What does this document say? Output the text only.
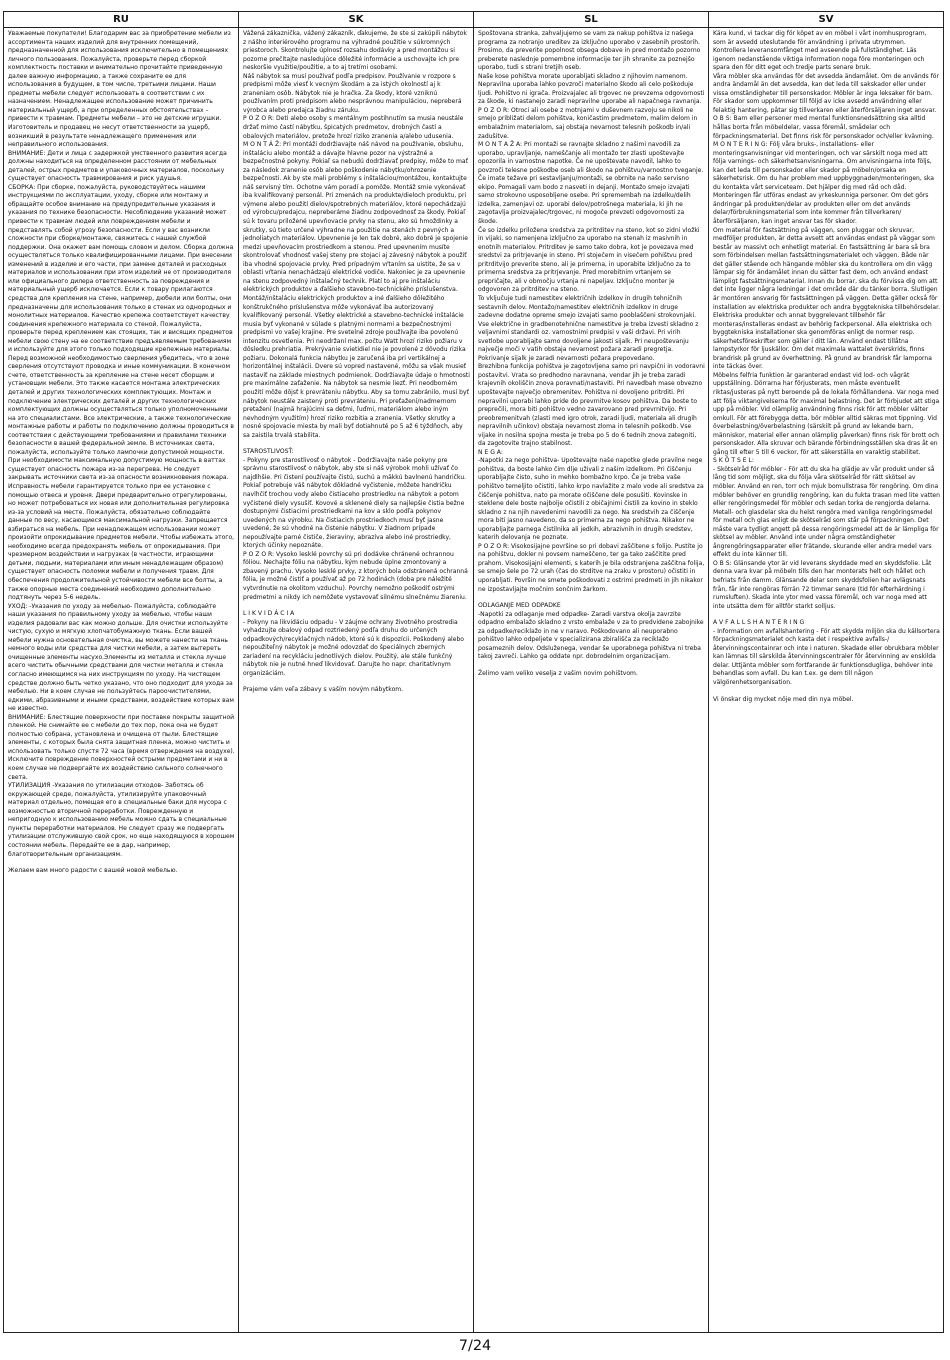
RU

Уважаемые покупатели! Благодарим вас за приобретение мебели из ассортимента наших изделий для внутренних помещений, предназначенной для использования исключительно в помещениях личного пользования. Пожалуйста, проверьте перед сборкой комплектность поставки и внимательно прочитайте приведенную далее важную информацию, а также сохраните ее для использования в будущем, в том числе, третьими лицами. Наши предметы мебели следует использовать в соответствии с их назначением. Ненадлежащее использование может причинить материальный ущерб, а при определенных обстоятельствах – привести к травмам. Предметы мебели – это не детские игрушки. Изготовитель и продавец не несут ответственности за ущерб, возникший в результате ненадлежащего применения или неправильного использования.

ВНИМАНИЕ: Дети и лица с задержкой умственного развития всегда должны находиться на определенном расстоянии от мебельных деталей, острых предметов и упаковочных материалов, поскольку существует опасность травмирования и риск удушья.

СБОРКА: При сборке, пожалуйста, руководствуйтесь нашими инструкциями по эксплуатации, уходу, сборке или монтажу и обращайте особое внимание на предупредительные указания и указания по технике безопасности. Несоблюдение указаний может привести к травмам людей или повреждениям мебели и представлять собой угрозу безопасности. Если у вас возникли сложности при сборке/монтаже, свяжитесь с нашей службой поддержки. Она окажет вам помощь словом и делом. Сборка должна осуществляться только квалифицированными лицами. При внесении изменений в изделие и его части, при замене деталей и расходных материалов и использовании при этом изделий не от производителя или официального дилера ответственность за повреждения и материальный ущерб исключается. Если к товару прилагаются средства для крепления на стене, например, дюбели или болты, они предназначены для использования только в стенах из однородных и монолитных материалов. Качество крепежа соответствует качеству соединения крепежного материала со стеной. Пожалуйста, проверьте перед креплением как стоящих, так и висящих предметов мебели свою стену на ее соответствие предъявляемым требованиям и используйте для этого только подходящие крепежные материалы. Перед возможной необходимостью сверления убедитесь, что в зоне сверления отсутствуют проводка и иные коммуникации. В конечном счете, ответственность за крепление на стене несет сборщик и установщик мебели. Это также касается монтажа электрических деталей и других технологических комплектующих. Монтаж и подключение электрических деталей и других технологических комплектующих должны осуществляться только уполномоченными на это специалистами. Все электрические, а также технологические монтажные работы и работы по подключению должны проводиться в соответствии с действующими требованиями и правилами техники безопасности в вашей федеральной земле. В источниках света, пожалуйста, используйте только лампочки допустимой мощности. При необходимости максимальную допустимую мощность в ваттах существует опасность пожара из-за перегрева. Не следует закрывать источники света из-за опасности возникновения пожара. Исправность мебели гарантируется только при ее установке с помощью отвеса и уровня. Двери предварительно отрегулированы, но может потребоваться их новая или дополнительная регулировка из-за условий на месте. Пожалуйста, обязательно соблюдайте данные по весу, касающиеся максимальной нагрузки. Запрещается взбираться на мебель. При ненадлежащем использовании может произойти опрокидывание предметов мебели. Чтобы избежать этого, необходимо всегда предохранять мебель от опрокидывания. При чрезмерном воздействии и нагрузках (в частности, играющими детьми, людьми, материалами или иным ненадлежащим образом) существует опасность поломки мебели и получения травм. Для обеспечения продолжительной устойчивости мебели все болты, а также опорные места соединений необходимо дополнительно подтянуть через 5-6 недель.

УХОД: -Указания по уходу за мебелью- Пожалуйста, соблюдайте наши указания по правильному уходу за мебелью, чтобы наши изделия радовали вас как можно дольше. Для очистки используйте чистую, сухую и мягкую хлопчатобумажную ткань. Если вашей мебели нужна основательная очистка, вы можете нанести на ткань немного воды или средства для чистки мебели, а затем вытереть очищенные элементы насухо.Элементы из металла и стекла лучше всего чистить обычными средствами для чистки металла и стекла согласно имеющимся на них инструкциям по уходу. На чистящем средстве должно быть четко указано, что оно подходит для ухода за мебелью. Ни в коем случае не пользуйтесь пароочистителями, едкими, абразивными и иными средствами, воздействие которых вам не известно.

ВНИМАНИЕ: Блестящие поверхности при поставке покрыты защитной пленкой. Не снимайте ее с мебели до тех пор, пока она не будет полностью собрана, установлена и очищена от пыли. Блестящие элементы, с которых была снята защитная пленка, можно чистить и использовать только спустя 72 часа (время отверждения на воздухе). Исключите повреждение поверхностей острыми предметами и ни в коем случае не подвергайте их воздействию сильного солнечного света.

УТИЛИЗАЦИЯ -Указания по утилизации отходов- Заботясь об окружающей среде, пожалуйста, утилизируйте упаковочный материал отдельно, помещая его в специальные баки для мусора с возможностью вторичной переработки. Поврежденную и непригодную к использованию мебель можно сдать в специальные пункты переработки материалов. Не следует сразу же подвергать утилизации отслужившую свой срок, но еще находящуюся в хорошем состоянии мебель. Передайте ее в дар, например, благотворительным организациям.

Желаем вам много радости с вашей новой мебелью.

SK

Vážená zákaznička, vážený zákazník, ďakujeme, že ste si zakúpili nábytok z nášho interiérového programu na výhradné použitie v súkromných priestoroch. Skontrolujte úplnosť rozsahu dodávky a pred montážou si pozorne prečítajte nasledujúce dôležité informácie a uschovajte ich pre neskoršie využitie/použitie, a to aj tretími osobami.

Náš nábytok sa musí používať podľa predpisov. Používanie v rozpore s predpismi môže viesť k vecným škodám a za istých okolností aj k zraneniam osôb. Nábytok nie je hračka. Za škody, ktoré vzniknú používaním proti predpisom alebo nesprávnou manipuláciou, nepreberá výrobca alebo predajca žiadnu záruku.

P O Z O R: Deti alebo osoby s mentálnym postihnutím sa musia neustále držať mimo častí nábytku, špicatých predmetov, drobných častí a obalových materiálov, pretože hrozí riziko zranenia a/alebo udusenia.

M O N T Á Ž: Pri montáži dodržiavajte náš návod na používanie, obsluhu, inštaláciu alebo montáž a dávajte hlavne pozor na výstražné a bezpečnostné pokyny. Pokiaľ sa nebudú dodržiavať predpisy, môže to mať za následok zranenie osôb alebo poškodenie nábytku/ohrozenie bezpečnosti. Ak by ste mali problémy s inštaláciou/montážou, kontaktujte náš servisný tím. Ochotne vám poradí a pomôže. Montáž smie vykonávať iba kvalifikovaný personál. Pri zmenách na produkte/dieloch produktu, pri výmene alebo použití dielov/spotrebných materiálov, ktoré nepochádzajú od výrobcu/predajcu, nepreberáme žiadnu zodpovednosť za škody. Pokiaľ sú k tovaru priložené upevňovacie prvky na stenu, ako sú hmoždinky a skrutky, sú tieto určené výhradne na použitie na stenách z pevných a jednoliatych materiálov. Upevnenie je len tak dobré, ako dobré je spojenie medzi upevňovacím prostriedkom a stenou. Pred upevnením musíte skontrolovať vhodnosť vašej steny pre stojaci aj závesný nábytok a použiť iba vhodné spojovacie prvky. Pred prípadným vŕtaním sa uistite, že sa v oblasti vŕtania nenachádzajú elektrické vodiče. Nakoniec je za upevnenie na stenu zodpovedný inštalačný technik. Platí to aj pre inštaláciu elektrických produktov a ďalšieho stavebno-technického príslušenstva. Montáž/inštaláciu elektrických produktov a iné ďalšieho dôležitého konštrukčného príslušenstva môže vykonávať iba autorizovaný kvalifikovaný personál. Všetky elektrické a stavebno-technické inštalácie musia byť vykonané v súlade s platnými normami a bezpečnostnými predpismi vo vašej krajine. Pre svetelné zdroje používajte iba povolenú intenzitu osvetlenia. Pri neodržaní max. počtu Watt hrozí riziko požiaru v dôsledku prehriatia. Prekrývanie svietidiel nie je povolené z dôvodu rizika požiaru. Dokonalá funkcia nábytku je zaručená iba pri vertikálnej a horizontálnej inštalácii. Dvere sú vopred nastavené, môžu sa však musieť nastaviť na základe miestnych podmienok. Dodržiavajte údaje o hmotnosti pre maximálne zaťaženie. Na nábytok sa nesmie liezť. Pri neodborném použití môže dôjsť k prevráteniu nábytku. Aby sa tomu zabránilo, musí byť nábytok neustále zaistený proti prevráteniu. Pri preťažení/nadmernom pretažení (najmä hrajúcimi sa deťmi, ľuďmi, materiálom alebo iným nevhodným využitím) hrozí riziko rozbitia a zranenia. Všetky skrutky a nosné spojovacie miesta by mali byť dotiahnuté po 5 až 6 týždňoch, aby sa zaistila trvalá stabilita.

STAROSTLIVOSŤ:

- Pokyny pre starostlivosť o nábytok - Dodržiavajte naše pokyny pre správnu starostlivosť o nábytok, aby ste si náš výrobok mohli užívať čo najdlhšie. Pri čistení používajte čistú, suchú a mäkkú bavlnenú handričku. Pokiaľ potrebuje váš nábytok dôkladné vyčistenie, môžete handričku navlhčiť trochou vody alebo čistiaceho prostriedku na nábytok a potom vyčistené diely vysušiť. Kovové a sklenené diely sa najlepšie čistia bežne dostupnými čistiacimi prostriedkami na kov a sklo podľa pokynov uvedených na výrobku. Na čistiacich prostriedkoch musí byť jasne uvedené, že sú vhodné na čistenie nábytku. V žiadnom prípade nepoužívajte parné čističe, žieraviny, abrazíva alebo iné prostriedky, ktorých účinky nepoznáte.

P O Z O R: Vysoko lesklé povrchy sú pri dodávke chránené ochrannou fóliou. Nechajte fóliu na nábytku, kým nebude úplne zmontovaný a zbavený prachu. Vysoko lesklé prvky, z ktorých bola odstránená ochranná fólia, je možné čistiť a používať až po 72 hodinách (doba pre náležité vytvrdnutie na okolitom vzduchu). Povrchy nemožno poškodiť ostrými predmetmi a nikdy ich nemôžete vystavovať silnému slnečnému žiareniu.

L I K V I D Á C I A

- Pokyny na likvidáciu odpadu - V záujme ochrany životného prostredia vyhadzujte obalový odpad roztriedený podľa druhu do určených odpadkových/recyklačných nádob, ktoré sú k dispozícii. Poškodený alebo nepoužiteľný nábytok je možné odovzdať do špeciálnych zberných zariadení na recykláciu jednotlivých dielov. Použitý, ale stále funkčný nábytok nie je nutné hneď likvidovať. Darujte ho napr. charitatívnym organizáciám.

Prajeme vám veľa zábavy s vaším novým nábytkom.

SL

Spoštovana stranka, zahvaljujemo se vam za nakup pohištva iz našega programa za notranjo ureditev za izključno uporabo v zasebnih prostorih. Prosimo, da preverite popolnost obsega dobave in pred montažo pozorno preberete naslednje pomembne informacije ter jih shranite za poznejšo uporabo, tudi s strani tretjih oseb.

Naše kose pohištva morate uporabljati skladno z njihovim namenom. Nepravilna uporaba lahko povzroči materialno škodo ali celo poškoduje ljudi. Pohištvo ni igrača. Proizvajalec ali trgovec ne prevzema odgovornosti za škode, ki nastanejo zaradi nepravilne uporabe ali napačnega ravnanja.

P O Z O R: Otroci ali osebe z motnjami v duševnem razvoju se nikoli ne smejo približati delom pohištva, koničastim predmetom, malim delom in embalažnim materialom, saj obstaja nevarnost telesnih poškodb in/ali zadušitve.

M O N T A Ž A: Pri montaži se ravnajte skladno z našimi navodili za uporabo, upravljanje, nameščanje ali montažo ter zlasti upoštevajte opozorila in varnostne napotke. Če ne upoštevate navodil, lahko to povzroči telesne poškodbe oseb ali škodo na pohištvu/varnostno tveganje. Če imate težave pri sestavljanju/montaži, se obrnite na našo servisno ekipo. Pomagali vam bodo z nasveti in dejanji. Montažo smejo izvajati samo strokovno usposobljene osebe. Pri spremembah na izdelku/delih izdelka, zamenjavi oz. uporabi delov/potrošnega materiala, ki jih ne zagotavlja proizvajalec/trgovec, ni mogoče prevzeti odgovornosti za škode.

Če so izdelku priložena sredstva za pritrditev na steno, kot so zidni vložki in vijaki, so namenjena izključno za uporabo na stenah iz masivnih in enotnih materialov. Pritrditev je samo tako dobra, kot je povezava med sredstvi za pritrjevanje in steno. Pri stoječem in visečem pohištvu pred pritrditvijo preverite steno, ali je primerna, in uporabite izključno za to primerna sredstva za pritrjevanje. Pred morebitnim vrtanjem se prepričajte, ali v območju vrtanja ni napeljav. Izključno monter je odgovoren za pritrditev na steno.

To vključuje tudi namestitev električnih izdelkov in drugih tehničnih sestavnih delov. Montažo/namestitev električnih izdelkov in druge zadevne dodatne opreme smejo izvajati samo pooblaščeni strokovnjaki. Vse električne in gradbenotehnične namestitve je treba izvesti skladno z veljavnimi standardi oz. varnostnimi predpisi v vaši državi. Pri virih svetlobe uporabljajte samo dovoljene jakosti sijalk. Pri neupoštevanju največje moči v vatih obstaja nevarnost požara zaradi pregretja. Pokrivanje sijalk je zaradi nevarnosti požara prepovedano.

Brezhibna funkcija pohištva je zagotovljena samo pri navpični in vodoravni postavitvi. Vrata so predhodno naravnana, vendar jih je treba zaradi krajevnih okoliščin znova poravnati/nastaviti. Pri navedbah mase obvezno upoštevajte največjo obremenitev. Pohištva ni dovoljeno pritrditi. Pri nepravilni uporabi lahko pride do prevrnitve kosov pohištva. Da boste to preprečili, mora biti pohištvo vedno zavarovano pred prevrnitvijo. Pri preobremenitvah (zlasti med igro otrok, zaradi ljudi, materiala ali drugih nepravilnih učinkov) obstaja nevarnost zloma in telesnih poškodb. Vse vijake in nosilna spojna mesta je treba po 5 do 6 tednih znova zategniti, da zagotovite trajno stabilnost.

N E G A:

-Napotki za nego pohištva- Upoštevajte naše napotke glede pravilne nege pohištva, da boste lahko čim dlje uživali z našim izdelkom. Pri čiščenju uporabljajte čisto, suho in mehko bombažno krpo. Če je treba vaše pohištvo temeljito očistiti, lahko krpo navlažite z malo vode ali sredstva za čiščenje pohištva, nato pa morate očiščene dele posušiti. Kovinske in steklene dele boste najbolje očistili z običajnimi čistili za kovino in steklo skladno z na njih navedenimi navodili za nego. Na sredstvih za čiščenje mora biti jasno navedeno, da so primerna za nego pohištva. Nikakor ne uporabljajte parnega čistilnika ali jedkih, abrazivnih in drugih sredstev, katerih delovanja ne poznate.

P O Z O R: Visokosijajne površine so pri dobavi zaščitene s folijo. Pustite jo na pohištvu, dokler ni povsem nameščeno, ter ga tako zaščitite pred prahom. Visokosijajni elementi, s katerih je bila odstranjena zaščitna folija, se smejo šele po 72 urah (čas do strditve na zraku v prostoru) očistiti in uporabljati. Površin ne smete poškodovati z ostrimi predmeti in jih nikakor ne izpostavljajte močnim sončnim žarkom.

ODLAGANJE MED ODPADKE

-Napotki za odlaganje med odpadke- Zaradi varstva okolja zavrzite odpadno embalažo skladno z vrsto embalaže v za to predvidene zabojnike za odpadke/reciklažo in ne v naravo. Poškodovano ali neuporabno pohištvo lahko odpeljete v specializirana zbirališča za reciklažo posameznih delov. Odsluženega, vendar še uporabnega pohištva ni treba takoj zavreči. Lahko ga oddate npr. dobrodelnim organizacijam.

Želimo vam veliko veselja z vašim novim pohištvom.

SV

Kära kund, vi tackar dig för köpet av en möbel i vårt inomhusprogram, som är avsedd uteslutande för användning i privata utrymmen. Kontrollera leveransomfånget med avseende på fullständighet. Läs igenom nedanstående viktiga information noga före monteringen och spara den för ditt eget och tredje parts senare bruk.

Våra möbler ska användas för det avsedda ändamålet. Om de används för andra ändamål än det avsedda, kan det leda till sakskador eller under vissa omständigheter till personskador. Möbler är inga leksaker för barn. För skador som uppkommer till följd av icke avsedd användning eller felaktig hantering, påtar sig tillverkaren eller återförsäljaren inget ansvar.

O B S: Barn eller personer med mental funktionsnedsättning ska alltid hållas borta från möbeldelar, vassa föremål, smådelar och förpackningsmaterial. Det finns risk för personskador och/eller kvävning.

M O N T E R I N G: Följ våra bruks-, installations- eller monteringsanvisningar vid monteringen, och var särskilt noga med att följa varnings- och säkerhetsanvisningarna. Om anvisningarna inte följs, kan det leda till personskador eller skador på möbeln/orsaka en säkerhetsrisk. Om du har problem med uppbyggnaden/monteringen, ska du kontakta vårt serviceteam. Det hjälper dig med råd och dåd. Monteringen får utföras endast av yrkeskunniga personer. Om det görs ändringar på produkten/delar av produkten eller om det används delar/förbrukningsmaterial som inte kommer från tillverkaren/återförsäljaren, kan inget ansvar tas för skador.

Om material för fastsättning på väggen, som pluggar och skruvar, medföljer produkten, är detta avsett att användas endast på väggar som består av massivt och enhetligt material. En fastsättning är bara så bra som förbindelsen mellan fastsättningsmaterialet och väggen. Både när det gäller stående och hängande möbler ska du kontrollera om din vägg lämpar sig för ändamålet innan du sätter fast dem, och använd endast lämpligt fastsättningsmaterial. Innan du borrar, ska du förvissa dig om att det inte ligger några ledningar i det område där du tänker borra. Slutligen är montören ansvarig för fastsättningen på väggen. Detta gäller också för installation av elektriska produkter och andra byggtekniska tillbehörsdelar. Elektriska produkter och annat byggrelevant tillbehör får monteras/installeras endast av behörig fackpersonal. Alla elektriska och byggtekniska installationer ska genomföras enligt de normer resp. säkerhetsföreskrifter som gäller i ditt län. Använd endast tillåtna lampstyrkor för ljuskällor. Om det maximala wattalet överskrids, finns brandrisk på grund av överhettning. På grund av brandrisk får lamporna inte täckas över.

Möbelns felfria funktion är garanterad endast vid lod- och vågrät uppställning. Dörrarna har förjusterats, men måste eventuellt riktas/justeras på nytt beroende på de lokala förhållandena. Var noga med att följa viktangivelserna för maximal belastning. Det är förbjudet att stiga upp på möbler. Vid olämplig användning finns risk för att möbler välter omkull. För att förebygga detta, bör möbler alltid säkras mot tippning. Vid överbelastning/överbelastning (särskilt på grund av lekande barn, människor, material eller annan olämplig påverkan) finns risk för brott och personskador. Alla skruvar och bärande förbindningsställen ska dras åt en gång till efter 5 till 6 veckor, för att säkerställa en varaktig stabilitet.

S K Ö T S E L:

- Skötselråd för möbler - För att du ska ha glädje av vår produkt under så lång tid som möjligt, ska du följa våra skötselråd för rätt skötsel av möbler. Använd en ren, torr och mjuk bomullstrasa för rengöring. Om dina möbler behöver en grundlig rengöring, kan du fukta trasan med lite vatten eller rengöringsmedel för möbler och sedan torka de rengjorda delarna. Metall- och glasdelar ska du helst rengöra med vanliga rengöringsmedel för metall och glas enligt de skötselråd som står på förpackningen. Det måste vara tydligt angett på dessa rengöringsmedel att de är lämpliga för skötsel av möbler. Använd inte under några omständigheter ångrengöringsapparater eller frätande, skurande eller andra medel vars effekt du inte känner till.

O B S: Glänsande ytor är vid leverans skyddade med en skyddsfolie. Låt denna vara kvar på möbeln tills den har monterats helt och hållet och befriats från damm. Glänsande delar som skyddsfolien har avlägsnats från, får inte rengöras förrän 72 timmar senare (tid för efterhärdning i rumsluften). Skada inte ytor med vassa föremål, och var noga med att inte utsätta dem för alltför starkt solljus.

A V F A L L S H A N T E R I N G

- Information om avfallshantering - För att skydda miljön ska du källsortera förpackningsmaterialet och kasta det i respektive avfalls-/återvinningscontainrar och inte i naturen. Skadade eller obrukbara möbler kan lämnas till särskilda återvinningscentraler för återvinning av enskilda delar. Uttjänta möbler som fortfarande är funktionsdugliga, behöver inte behandlas som avfall. Du kan t.ex. ge dem till någon välgörenhetsorganisation.

Vi önskar dig mycket nöje med din nya möbel.

7/24
